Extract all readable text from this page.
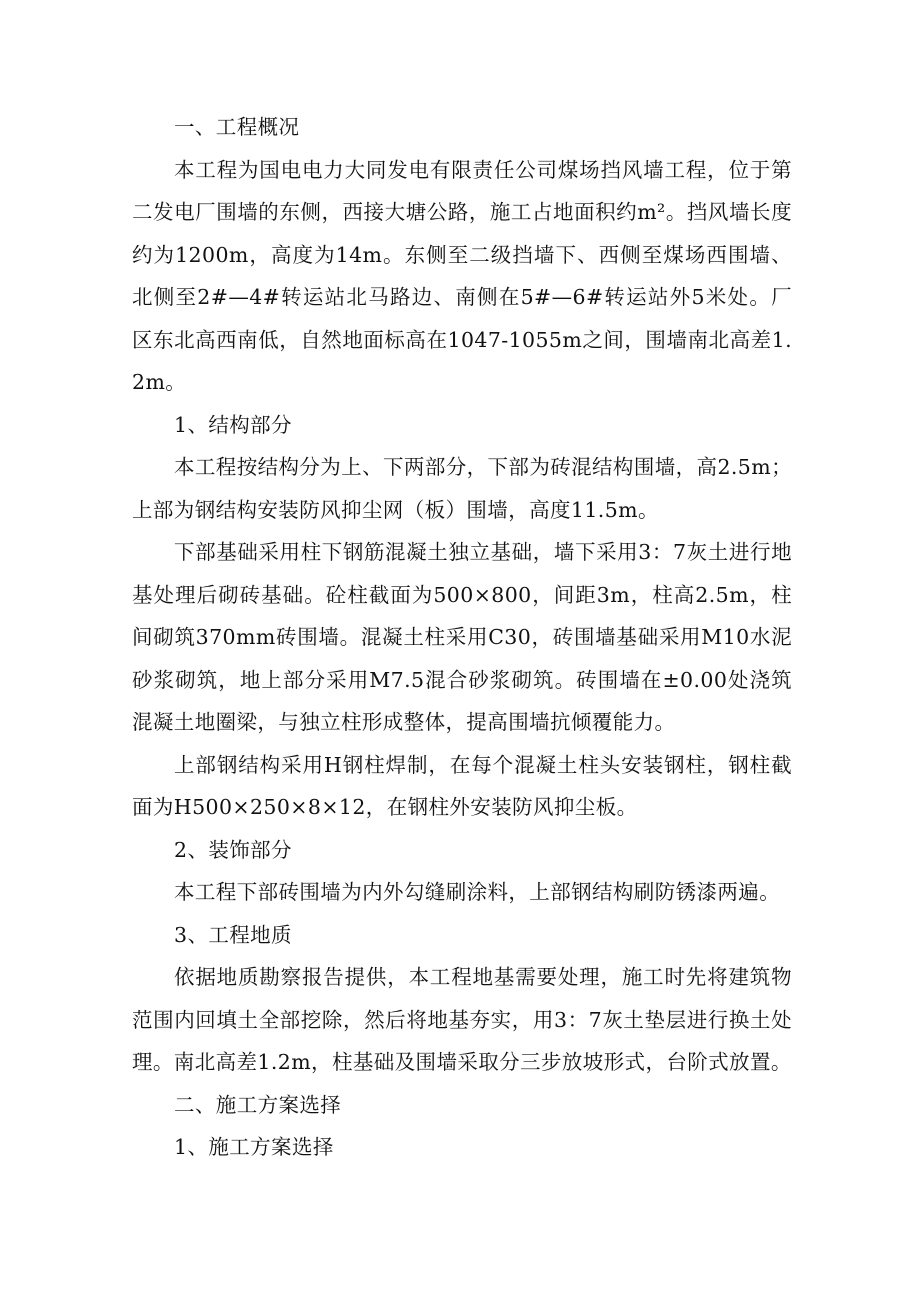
一、工程概况

本工程为国电电力大同发电有限责任公司煤场挡风墙工程，位于第二发电厂围墙的东侧，西接大塘公路，施工占地面积约m²。挡风墙长度约为1200m，高度为14m。东侧至二级挡墙下、西侧至煤场西围墙、北侧至2#—4#转运站北马路边、南侧在5#—6#转运站外5米处。厂区东北高西南低，自然地面标高在1047-1055m之间，围墙南北高差1.2m。

1、结构部分

本工程按结构分为上、下两部分，下部为砖混结构围墙，高2.5m；上部为钢结构安装防风抑尘网（板）围墙，高度11.5m。

下部基础采用柱下钢筋混凝土独立基础，墙下采用3：7灰土进行地基处理后砌砖基础。砼柱截面为500×800，间距3m，柱高2.5m，柱间砌筑370mm砖围墙。混凝土柱采用C30，砖围墙基础采用M10水泥砂浆砌筑，地上部分采用M7.5混合砂浆砌筑。砖围墙在±0.00处浇筑混凝土地圈梁，与独立柱形成整体，提高围墙抗倾覆能力。

上部钢结构采用H钢柱焊制，在每个混凝土柱头安装钢柱，钢柱截面为H500×250×8×12，在钢柱外安装防风抑尘板。

2、装饰部分

本工程下部砖围墙为内外勾缝刷涂料，上部钢结构刷防锈漆两遍。

3、工程地质

依据地质勘察报告提供，本工程地基需要处理，施工时先将建筑物范围内回填土全部挖除，然后将地基夯实，用3：7灰土垫层进行换土处理。南北高差1.2m，柱基础及围墙采取分三步放坡形式，台阶式放置。

二、施工方案选择

1、施工方案选择
